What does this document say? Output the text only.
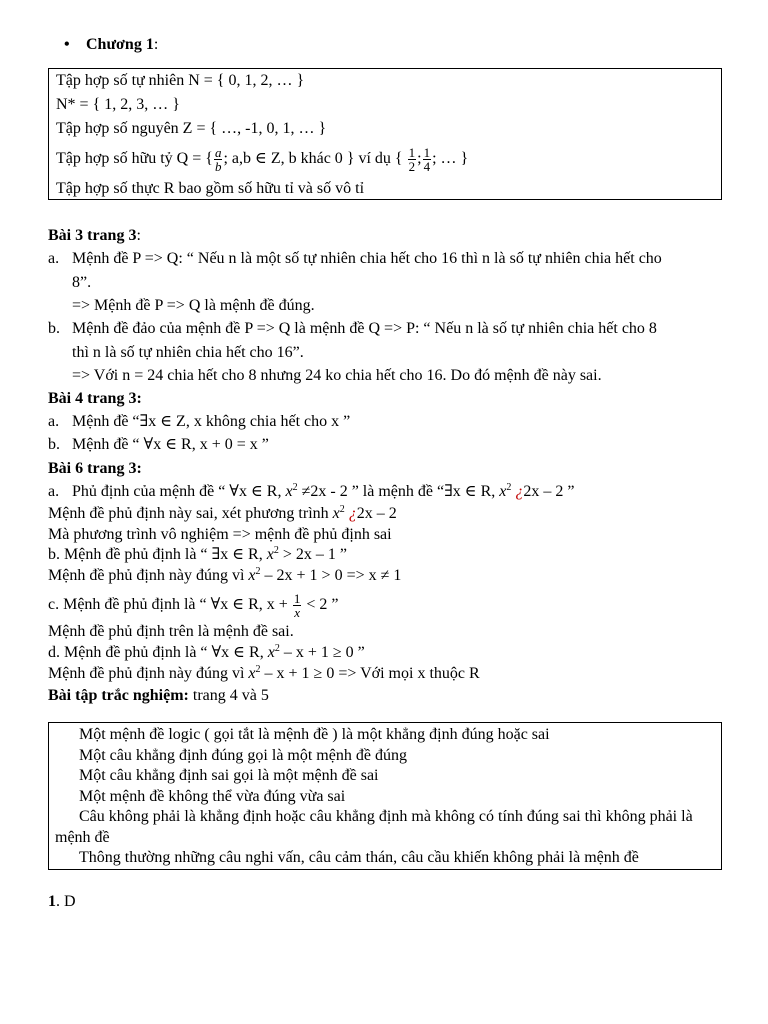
• Chương 1:
Tập hợp số tự nhiên N = { 0, 1, 2, … }
N* = { 1, 2, 3, … }
Tập hợp số nguyên Z = { …, -1, 0, 1, … }
Tập hợp số hữu tỷ Q = { $\frac{a}{b}$ ; a,b ∈ Z, b khác 0 } ví dụ { $\frac{1}{2}$ ; $\frac{1}{4}$ ; … }
Tập hợp số thực R bao gồm số hữu tỉ và số vô tỉ
Bài 3 trang 3:
a. Mệnh đề P => Q: “ Nếu n là một số tự nhiên chia hết cho 16 thì n là số tự nhiên chia hết cho
8”.
=> Mệnh đề P => Q là mệnh đề đúng.
b. Mệnh đề đảo của mệnh đề P => Q là mệnh đề Q => P: “ Nếu n là số tự nhiên chia hết cho 8
thì n là số tự nhiên chia hết cho 16”.
=> Với n = 24 chia hết cho 8 nhưng 24 ko chia hết cho 16. Do đó mệnh đề này sai.
Bài 4 trang 3:
a. Mệnh đề “∃x ∈ Z, x không chia hết cho x ”
b. Mệnh đề “ ∀x ∈ R, x + 0 = x ”
Bài 6 trang 3:
a. Phủ định của mệnh đề “ ∀x ∈ R, $x^2 \ne 2x - 2$ ” là mệnh đề “∃x ∈ R, $x^2$ ¿2x – 2 ”
Mệnh đề phủ định này sai, xét phương trình $x^2$ ¿2x – 2
Mà phương trình vô nghiệm => mệnh đề phủ định sai
b. Mệnh đề phủ định là “ ∃x ∈ R, $x^2 > 2x - 1$ ”
Mệnh đề phủ định này đúng vì $x^2 - 2x + 1 > 0 => x \ne 1$
c. Mệnh đề phủ định là “ ∀x ∈ R, $x + \frac{1}{x} < 2$ ”
Mệnh đề phủ định trên là mệnh đề sai.
d. Mệnh đề phủ định là “ ∀x ∈ R, $x^2 - x + 1 \ge 0$ ”
Mệnh đề phủ định này đúng vì $x^2 - x + 1 \ge 0$ => Với mọi x thuộc R
Bài tập trắc nghiệm: trang 4 và 5
Một mệnh đề logic ( gọi tắt là mệnh đề ) là một khẳng định đúng hoặc sai
Một câu khẳng định đúng gọi là một mệnh đề đúng
Một câu khẳng định sai gọi là một mệnh đề sai
Một mệnh đề không thể vừa đúng vừa sai
Câu không phải là khẳng định hoặc câu khẳng định mà không có tính đúng sai thì không phải là mệnh đề
Thông thường những câu nghi vấn, câu cảm thán, câu cầu khiến không phải là mệnh đề
1. D
